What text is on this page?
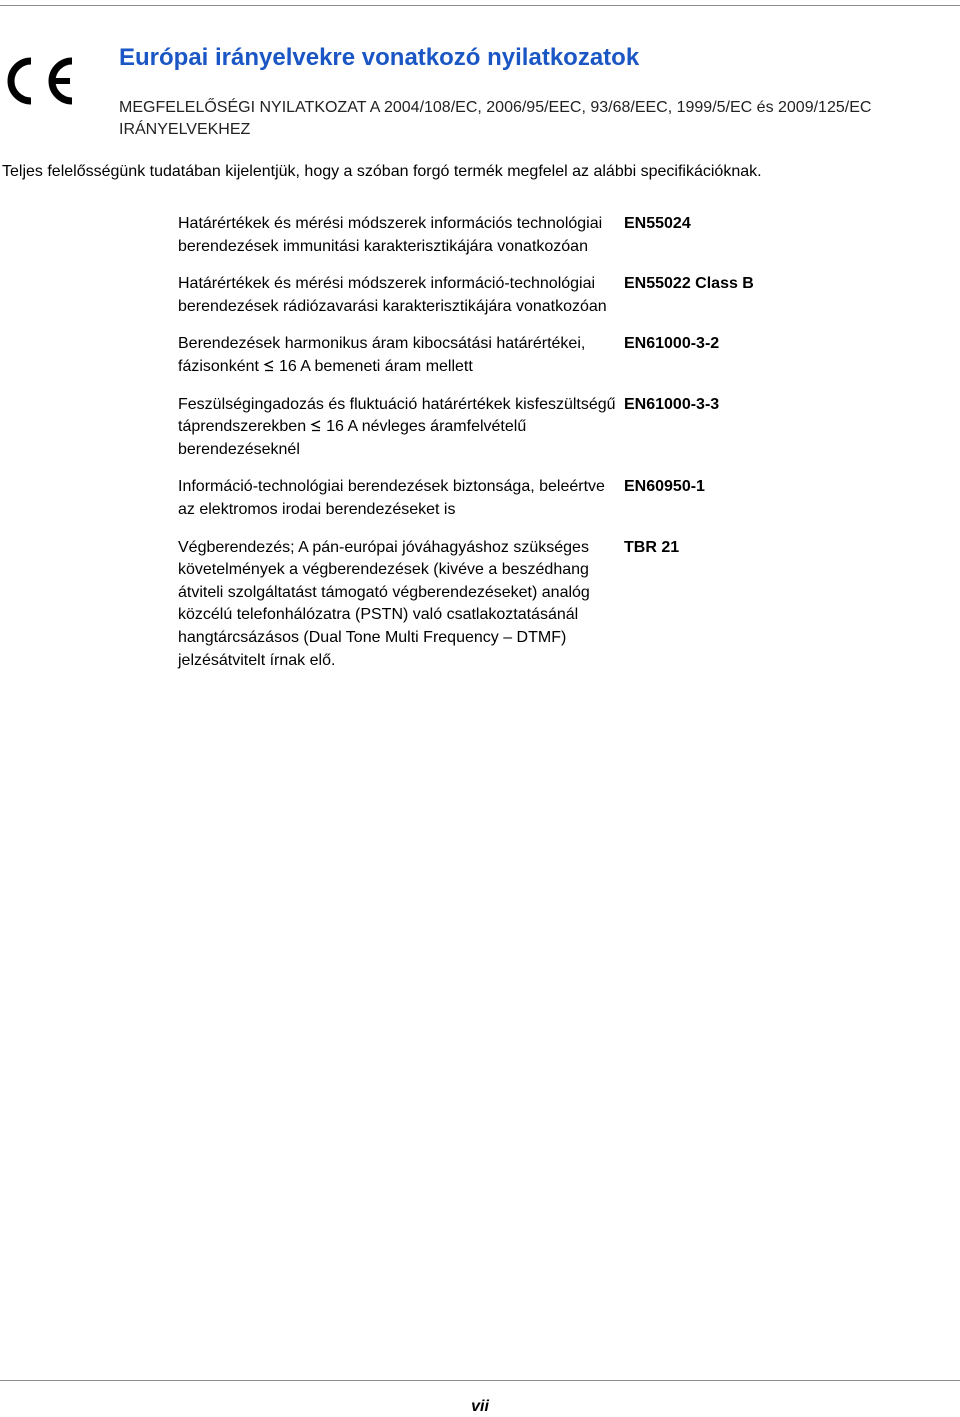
Európai irányelvekre vonatkozó nyilatkozatok
MEGFELELŐSÉGI NYILATKOZAT A 2004/108/EC, 2006/95/EEC, 93/68/EEC, 1999/5/EC és 2009/125/EC IRÁNYELVEKHEZ
Teljes felelősségünk tudatában kijelentjük, hogy a szóban forgó termék megfelel az alábbi specifikációknak.
Határértékek és mérési módszerek információs technológiai berendezések immunitási karakterisztikájára vonatkozóan
EN55024
Határértékek és mérési módszerek információ-technológiai berendezések rádiózavarási karakterisztikájára vonatkozóan
EN55022 Class B
Berendezések harmonikus áram kibocsátási határértékei, fázisonként 16 A bemeneti áram mellett
EN61000-3-2
Feszülségingadozás és fluktuáció határértékek kisfeszültségű táprendszerekben 16 A névleges áramfelvételű berendezéseknél
EN61000-3-3
Információ-technológiai berendezések biztonsága, beleértve az elektromos irodai berendezéseket is
EN60950-1
Végberendezés; A pán-európai jóváhagyáshoz szükséges követelmények a végberendezések (kivéve a beszédhang átviteli szolgáltatást támogató végberendezéseket) analóg közcélú telefonhálózatra (PSTN) való csatlakoztatásánál hangtárcsázásos (Dual Tone Multi Frequency – DTMF) jelzésátvitelt írnak elő.
TBR 21
vii
